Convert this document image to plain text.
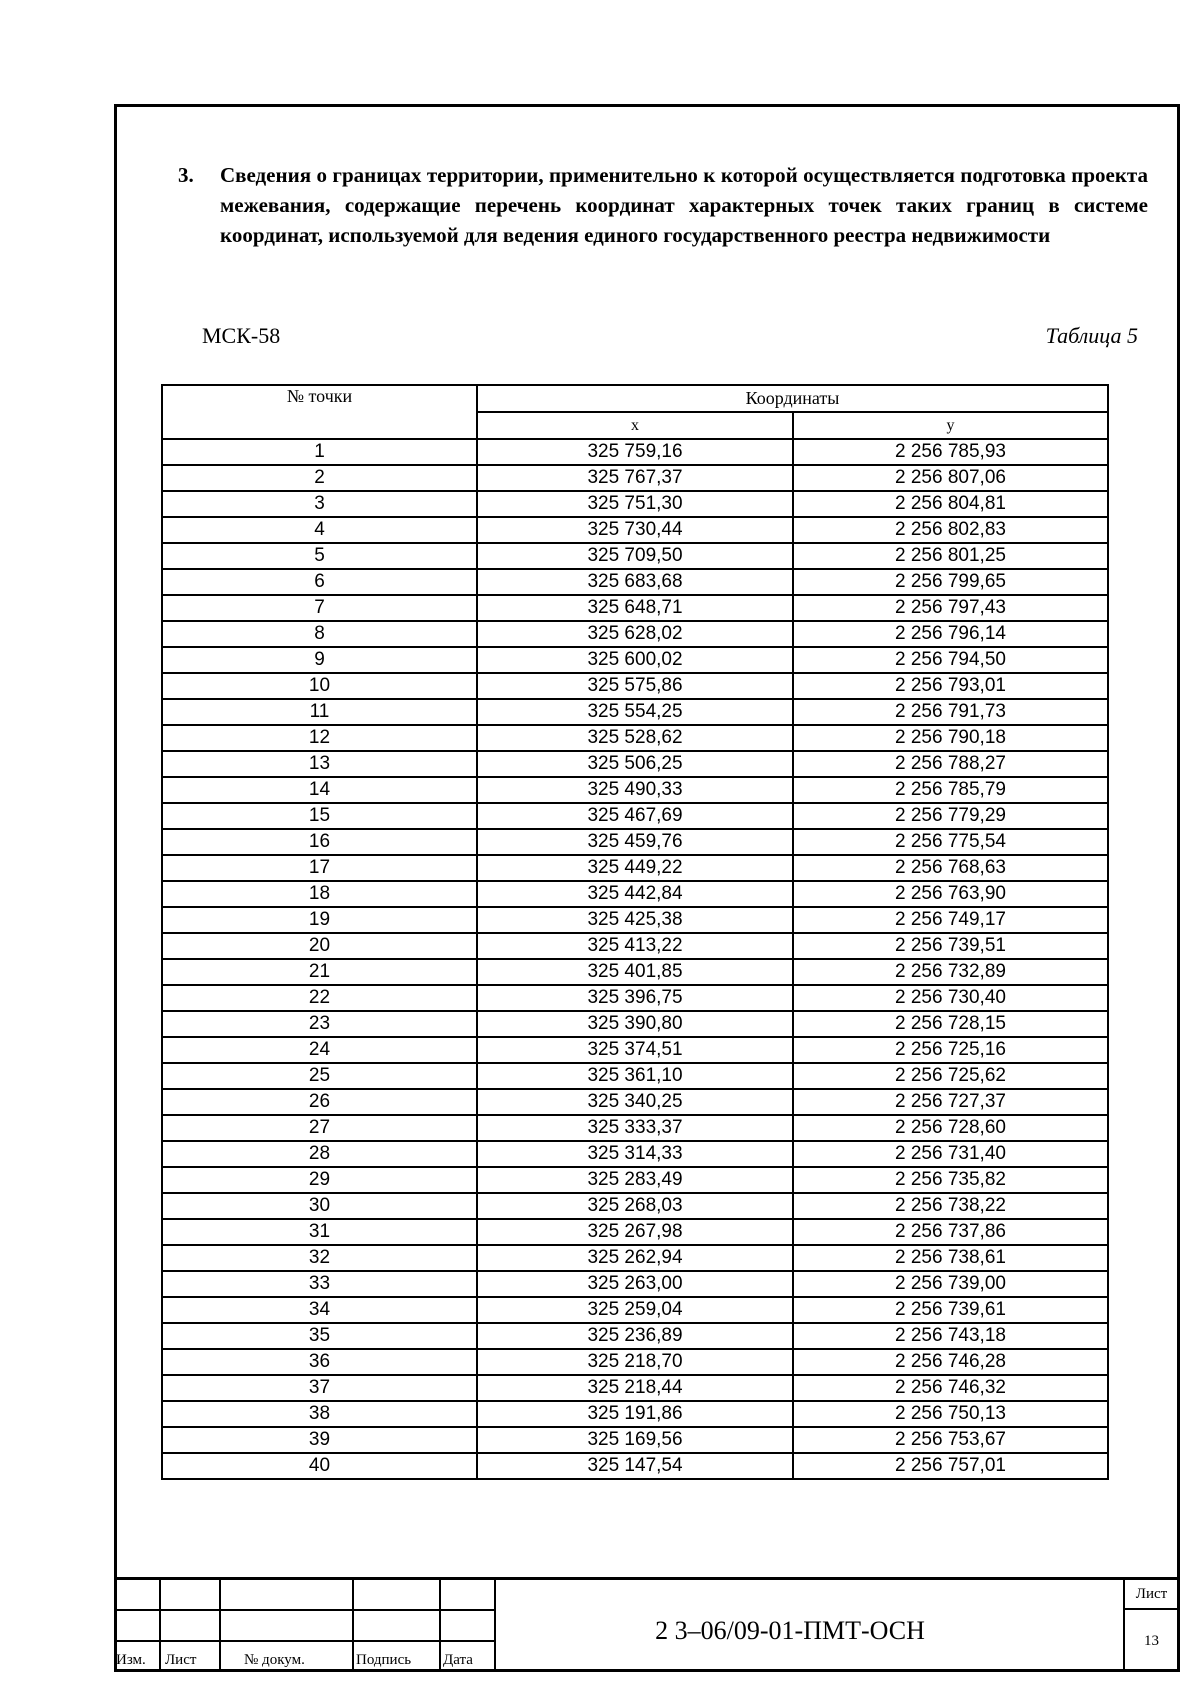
3. Сведения о границах территории, применительно к которой осуществляется подготовка проекта межевания, содержащие перечень координат характерных точек таких границ в системе координат, используемой для ведения единого государственного реестра недвижимости
МСК-58	Таблица 5
№ точки	Координаты	
	x	y
1	325 759,16	2 256 785,93
2	325 767,37	2 256 807,06
3	325 751,30	2 256 804,81
4	325 730,44	2 256 802,83
5	325 709,50	2 256 801,25
6	325 683,68	2 256 799,65
7	325 648,71	2 256 797,43
8	325 628,02	2 256 796,14
9	325 600,02	2 256 794,50
10	325 575,86	2 256 793,01
11	325 554,25	2 256 791,73
12	325 528,62	2 256 790,18
13	325 506,25	2 256 788,27
14	325 490,33	2 256 785,79
15	325 467,69	2 256 779,29
16	325 459,76	2 256 775,54
17	325 449,22	2 256 768,63
18	325 442,84	2 256 763,90
19	325 425,38	2 256 749,17
20	325 413,22	2 256 739,51
21	325 401,85	2 256 732,89
22	325 396,75	2 256 730,40
23	325 390,80	2 256 728,15
24	325 374,51	2 256 725,16
25	325 361,10	2 256 725,62
26	325 340,25	2 256 727,37
27	325 333,37	2 256 728,60
28	325 314,33	2 256 731,40
29	325 283,49	2 256 735,82
30	325 268,03	2 256 738,22
31	325 267,98	2 256 737,86
32	325 262,94	2 256 738,61
33	325 263,00	2 256 739,00
34	325 259,04	2 256 739,61
35	325 236,89	2 256 743,18
36	325 218,70	2 256 746,28
37	325 218,44	2 256 746,32
38	325 191,86	2 256 750,13
39	325 169,56	2 256 753,67
40	325 147,54	2 256 757,01
Изм. Лист	№ докум.	Подпись Дата
2 3–06/09-01-ПМТ-ОСН
Лист
13
